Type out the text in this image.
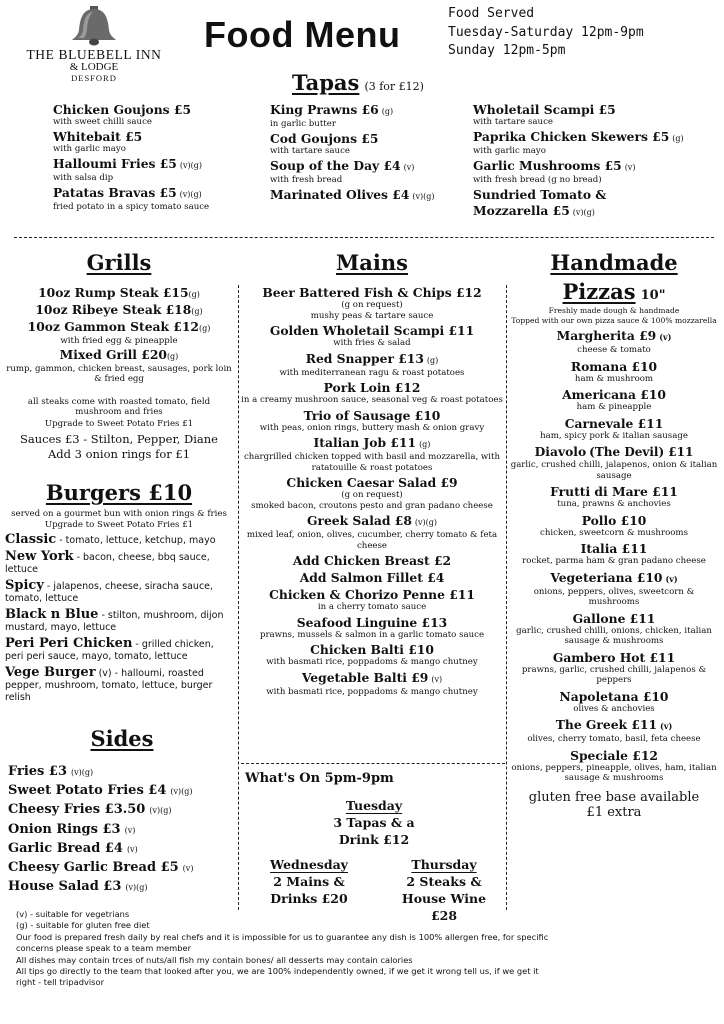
THE BLUEBELL INN
& LODGE
DESFORD
Food Menu
Food Served
Tuesday-Saturday 12pm-9pm
Sunday 12pm-5pm
Tapas (3 for £12)
Chicken Goujons £5
with sweet chilli sauce
Whitebait £5
with garlic mayo
Halloumi Fries £5 (v)(g)
with salsa dip
Patatas Bravas £5 (v)(g)
fried potato in a spicy tomato sauce
King Prawns £6 (g)
in garlic butter
Cod Goujons £5
with tartare sauce
Soup of the Day £4 (v)
with fresh bread
Marinated Olives £4 (v)(g)
Wholetail Scampi £5
with tartare sauce
Paprika Chicken Skewers £5 (g)
with garlic mayo
Garlic Mushrooms £5 (v)
with fresh bread (g no bread)
Sundried Tomato &
Mozzarella £5 (v)(g)
Grills
10oz Rump Steak £15(g)
10oz Ribeye Steak £18(g)
10oz Gammon Steak £12(g)
with fried egg & pineapple
Mixed Grill £20(g)
rump, gammon, chicken breast, sausages, pork loin & fried egg
all steaks come with roasted tomato, field mushroom and fries
Upgrade to Sweet Potato Fries £1
Sauces £3 - Stilton, Pepper, Diane
Add 3 onion rings for £1
Burgers £10
served on a gourmet bun with onion rings & fries
Upgrade to Sweet Potato Fries £1
Classic - tomato, lettuce, ketchup, mayo
New York - bacon, cheese, bbq sauce, lettuce
Spicy - jalapenos, cheese, siracha sauce, tomato, lettuce
Black n Blue - stilton, mushroom, dijon mustard, mayo, lettuce
Peri Peri Chicken - grilled chicken, peri peri sauce, mayo, tomato, lettuce
Vege Burger (v) - halloumi, roasted pepper, mushroom, tomato, lettuce, burger relish
Sides
Fries £3 (v)(g)
Sweet Potato Fries £4 (v)(g)
Cheesy Fries £3.50 (v)(g)
Onion Rings £3 (v)
Garlic Bread £4 (v)
Cheesy Garlic Bread £5 (v)
House Salad £3 (v)(g)
Mains
Beer Battered Fish & Chips £12
(g on request)
mushy peas & tartare sauce
Golden Wholetail Scampi £11
with fries & salad
Red Snapper £13 (g)
with mediterranean ragu & roast potatoes
Pork Loin £12
in a creamy mushroon sauce, seasonal veg & roast potatoes
Trio of Sausage £10
with peas, onion rings, buttery mash & onion gravy
Italian Job £11 (g)
chargrilled chicken topped with basil and mozzarella, with ratatouille & roast potatoes
Chicken Caesar Salad £9
(g on request)
smoked bacon, croutons pesto and gran padano cheese
Greek Salad £8 (v)(g)
mixed leaf, onion, olives, cucumber, cherry tomato & feta cheese
Add Chicken Breast £2
Add Salmon Fillet £4
Chicken & Chorizo Penne £11
in a cherry tomato sauce
Seafood Linguine £13
prawns, mussels & salmon in a garlic tomato sauce
Chicken Balti £10
with basmati rice, poppadoms & mango chutney
Vegetable Balti £9 (v)
with basmati rice, poppadoms & mango chutney
What's On 5pm-9pm
Tuesday
3 Tapas & a
Drink £12
Wednesday
2 Mains &
Drinks £20
Thursday
2 Steaks &
House Wine
£28
Handmade
Pizzas 10"
Freshly made dough & handmade
Topped with our own pizza sauce & 100% mozzarella
Margherita £9 (v)
cheese & tomato
Romana £10
ham & mushroom
Americana £10
ham & pineapple
Carnevale £11
ham, spicy pork & italian sausage
Diavolo (The Devil) £11
garlic, crushed chilli, jalapenos, onion & italian sausage
Frutti di Mare £11
tuna, prawns & anchovies
Pollo £10
chicken, sweetcorn & mushrooms
Italia £11
rocket, parma ham & gran padano cheese
Vegeteriana £10 (v)
onions, peppers, olives, sweetcorn & mushrooms
Gallone £11
garlic, crushed chilli, onions, chicken, italian sausage & mushrooms
Gambero Hot £11
prawns, garlic, crushed chilli, jalapenos & peppers
Napoletana £10
olives & anchovies
The Greek £11 (v)
olives, cherry tomato, basil, feta cheese
Speciale £12
onions, peppers, pineapple, olives, ham, italian sausage & mushrooms
gluten free base available
£1 extra
(v) - suitable for vegetrians
(g) - suitable for gluten free diet
Our food is prepared fresh daily by real chefs and it is impossible for us to guarantee any dish is 100% allergen free, for specific concerns please speak to a team member
All dishes may contain trces of nuts/all fish my contain bones/ all desserts may contain calories
All tips go directly to the team that looked after you, we are 100% independently owned, if we get it wrong tell us, if we get it right - tell tripadvisor
